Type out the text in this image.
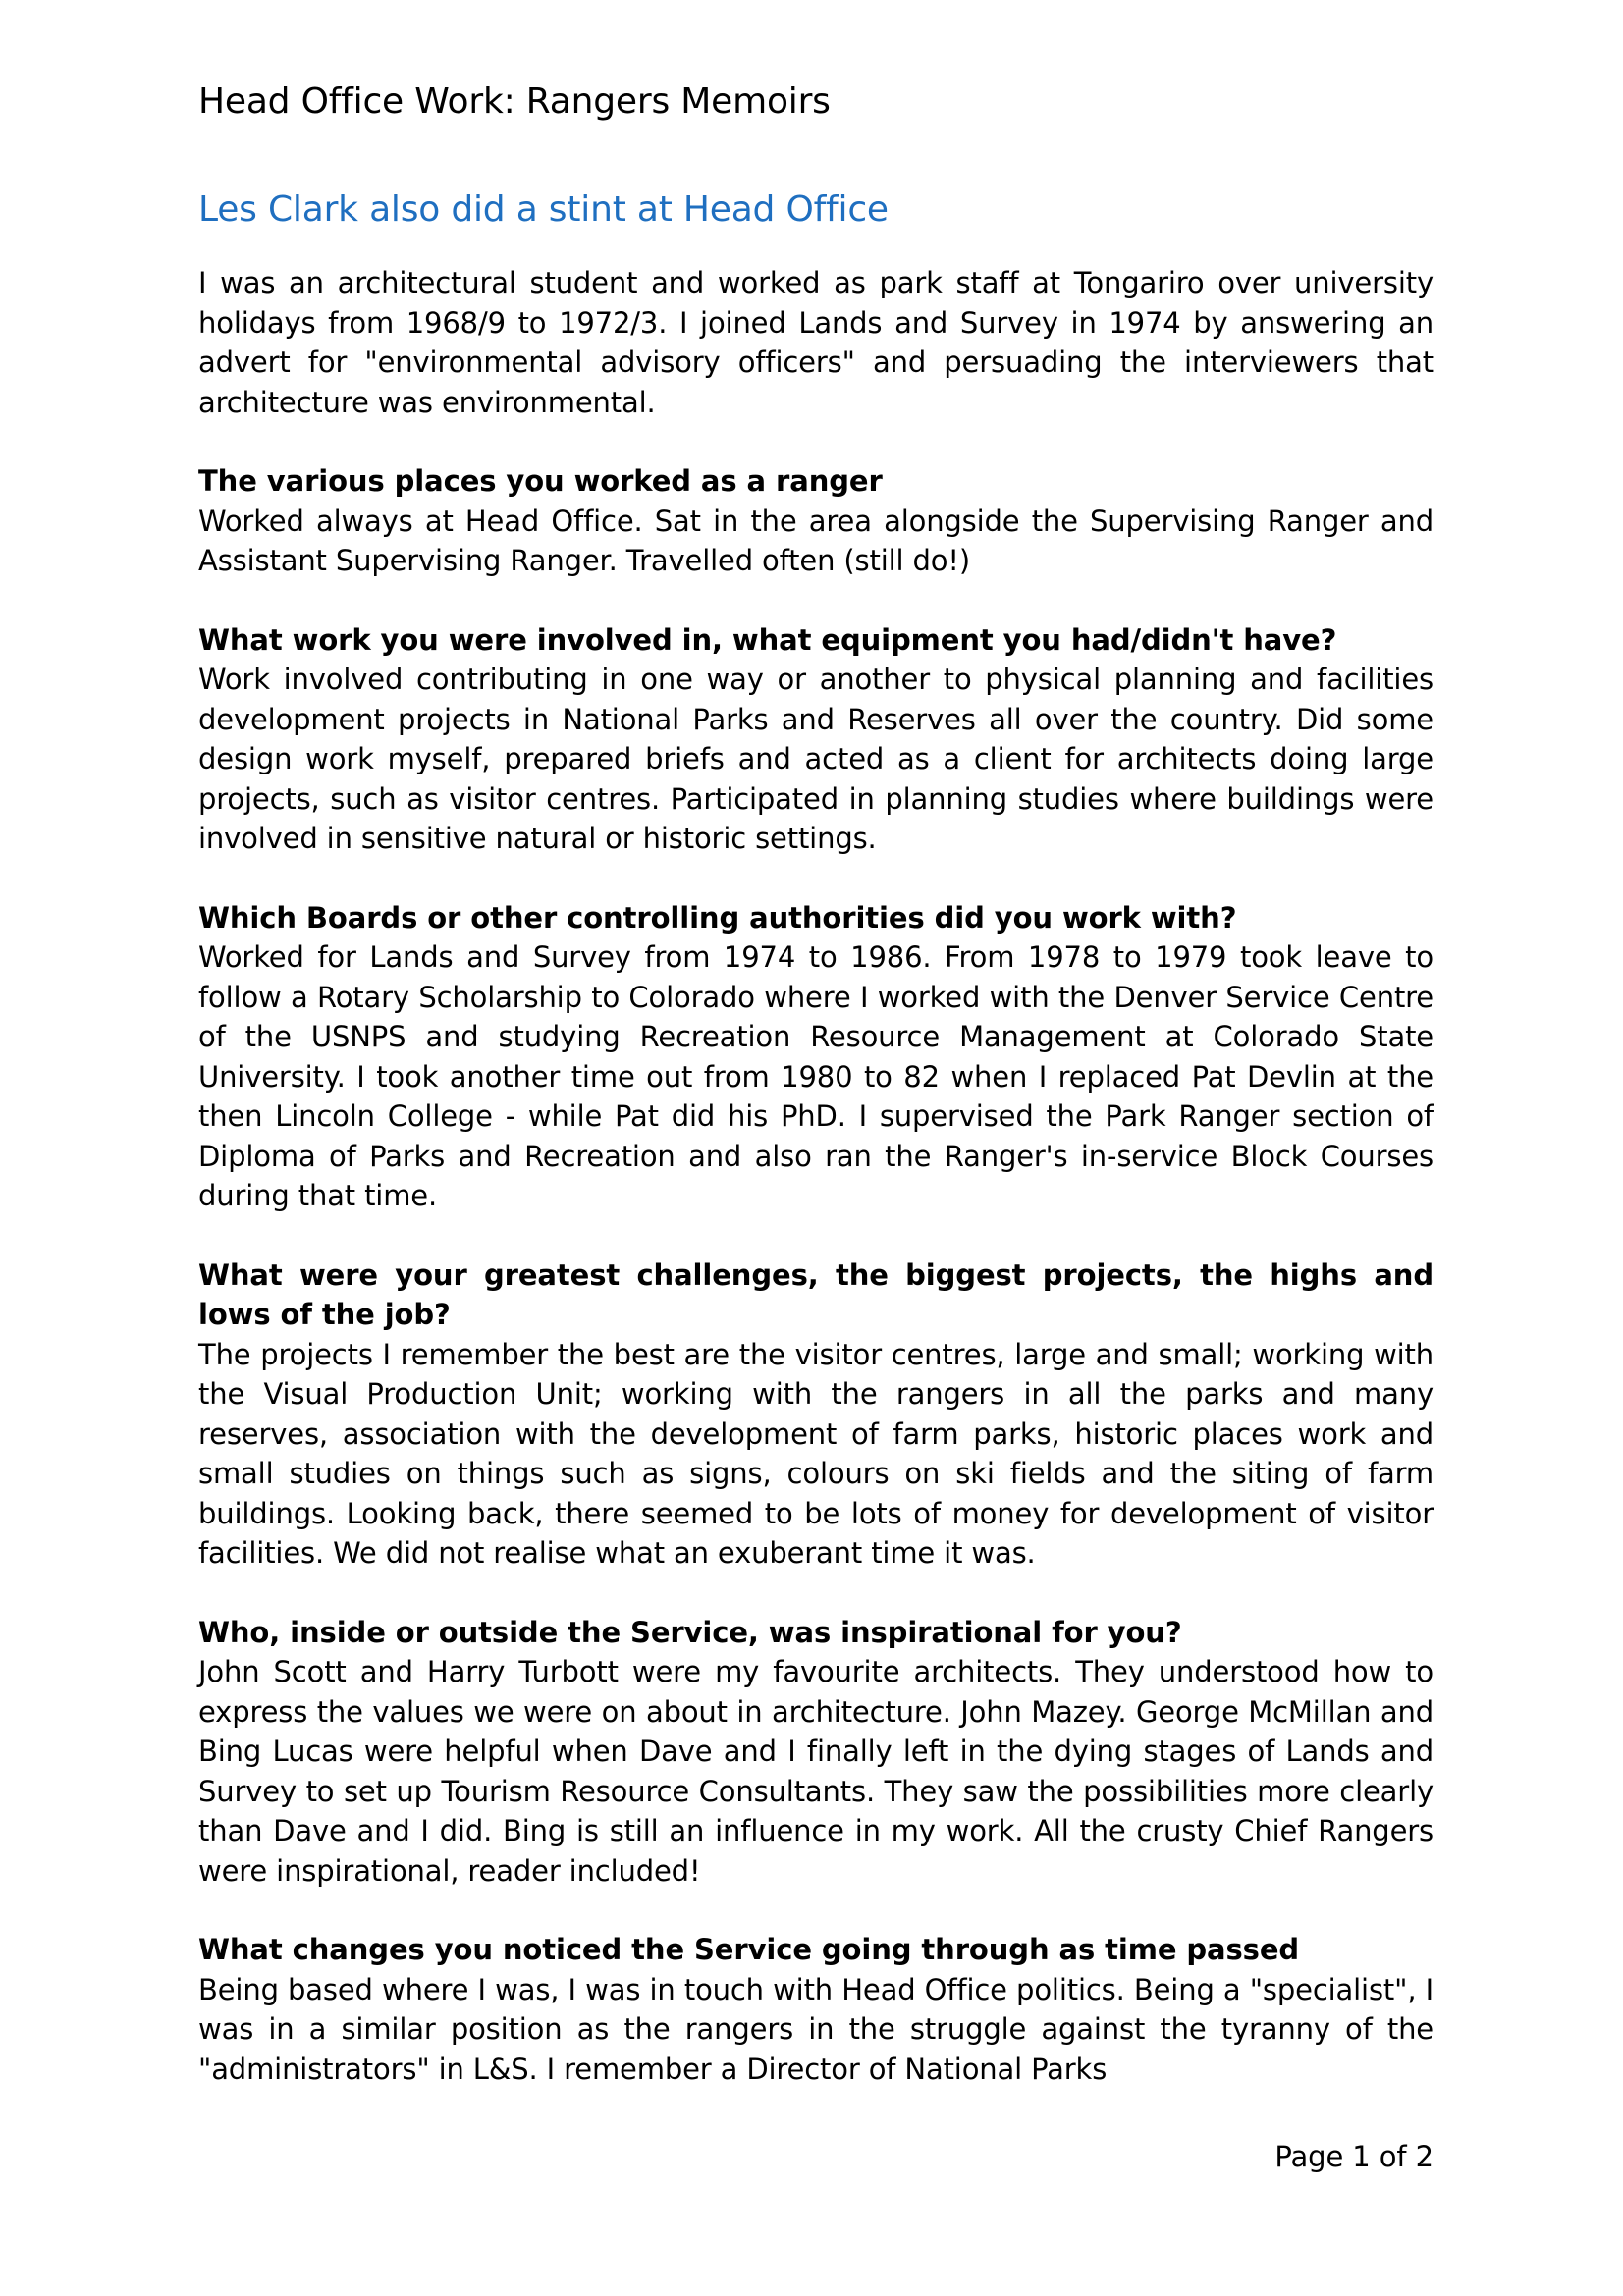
Head Office Work: Rangers Memoirs
Les Clark also did a stint at Head Office

I was an architectural student and worked as park staff at Tongariro over university holidays from 1968/9 to 1972/3. I joined Lands and Survey in 1974 by answering an advert for "environmental advisory officers" and persuading the interviewers that architecture was environmental.

The various places you worked as a ranger

Worked always at Head Office. Sat in the area alongside the Supervising Ranger and Assistant Supervising Ranger. Travelled often (still do!)

What work you were involved in, what equipment you had/didn't have?

Work involved contributing in one way or another to physical planning and facilities development projects in National Parks and Reserves all over the country. Did some design work myself, prepared briefs and acted as a client for architects doing large projects, such as visitor centres. Participated in planning studies where buildings were involved in sensitive natural or historic settings.

Which Boards or other controlling authorities did you work with?

Worked for Lands and Survey from 1974 to 1986. From 1978 to 1979 took leave to follow a Rotary Scholarship to Colorado where I worked with the Denver Service Centre of the USNPS and studying Recreation Resource Management at Colorado State University. I took another time out from 1980 to 82 when I replaced Pat Devlin at the then Lincoln College - while Pat did his PhD. I supervised the Park Ranger section of Diploma of Parks and Recreation and also ran the Ranger's in-service Block Courses during that time.

What were your greatest challenges, the biggest projects, the highs and lows of the job?

The projects I remember the best are the visitor centres, large and small; working with the Visual Production Unit; working with the rangers in all the parks and many reserves, association with the development of farm parks, historic places work and small studies on things such as signs, colours on ski fields and the siting of farm buildings. Looking back, there seemed to be lots of money for development of visitor facilities. We did not realise what an exuberant time it was.

Who, inside or outside the Service, was inspirational for you?

John Scott and Harry Turbott were my favourite architects. They understood how to express the values we were on about in architecture. John Mazey. George McMillan and Bing Lucas were helpful when Dave and I finally left in the dying stages of Lands and Survey to set up Tourism Resource Consultants. They saw the possibilities more clearly than Dave and I did. Bing is still an influence in my work. All the crusty Chief Rangers were inspirational, reader included!

What changes you noticed the Service going through as time passed

Being based where I was, I was in touch with Head Office politics. Being a "specialist", I was in a similar position as the rangers in the struggle against the tyranny of the "administrators" in L&S. I remember a Director of National Parks

Page 1 of 2
